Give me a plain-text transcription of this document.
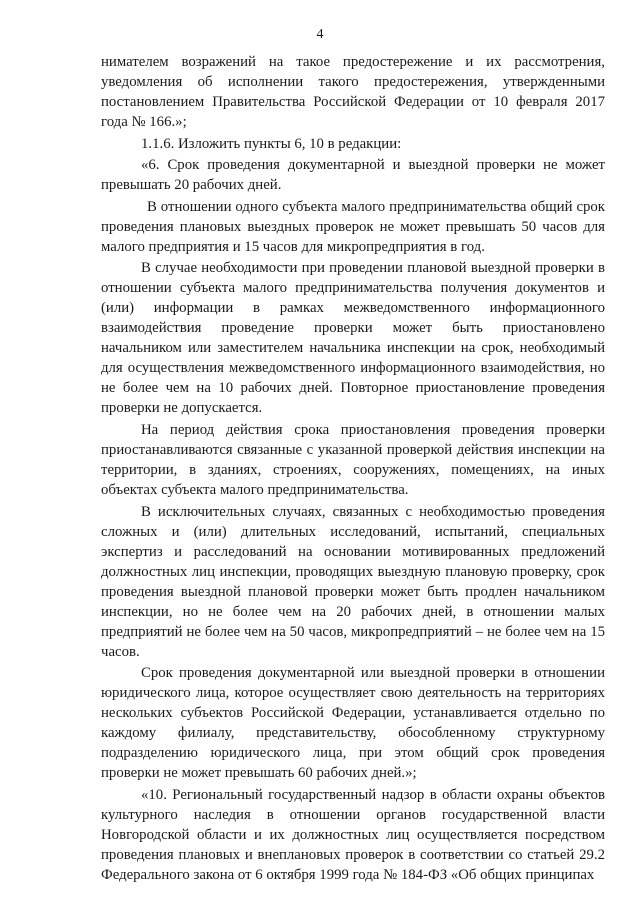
4

нимателем возражений на такое предостережение и их рассмотрения, уведомления об исполнении такого предостережения, утвержденными постановлением Правительства Российской Федерации от 10 февраля 2017 года № 166.»;

1.1.6. Изложить пункты 6, 10 в редакции:

«6. Срок проведения документарной и выездной проверки не может превышать 20 рабочих дней.

В отношении одного субъекта малого предпринимательства общий срок проведения плановых выездных проверок не может превышать 50 часов для малого предприятия и 15 часов для микропредприятия в год.

В случае необходимости при проведении плановой выездной проверки в отношении субъекта малого предпринимательства получения документов и (или) информации в рамках межведомственного информационного взаимодействия проведение проверки может быть приостановлено начальником или заместителем начальника инспекции на срок, необходимый для осуществления межведомственного информационного взаимодействия, но не более чем на 10 рабочих дней. Повторное приостановление проведения проверки не допускается.

На период действия срока приостановления проведения проверки приостанавливаются связанные с указанной проверкой действия инспекции на территории, в зданиях, строениях, сооружениях, помещениях, на иных объектах субъекта малого предпринимательства.

В исключительных случаях, связанных с необходимостью проведения сложных и (или) длительных исследований, испытаний, специальных экспертиз и расследований на основании мотивированных предложений должностных лиц инспекции, проводящих выездную плановую проверку, срок проведения выездной плановой проверки может быть продлен начальником инспекции, но не более чем на 20 рабочих дней, в отношении малых предприятий не более чем на 50 часов, микропредприятий – не более чем на 15 часов.

Срок проведения документарной или выездной проверки в отношении юридического лица, которое осуществляет свою деятельность на территориях нескольких субъектов Российской Федерации, устанавливается отдельно по каждому филиалу, представительству, обособленному структурному подразделению юридического лица, при этом общий срок проведения проверки не может превышать 60 рабочих дней.»;

«10. Региональный государственный надзор в области охраны объектов культурного наследия в отношении органов государственной власти Новгородской области и их должностных лиц осуществляется посредством проведения плановых и внеплановых проверок в соответствии со статьей 29.2 Федерального закона от 6 октября 1999 года № 184-ФЗ «Об общих принципах
